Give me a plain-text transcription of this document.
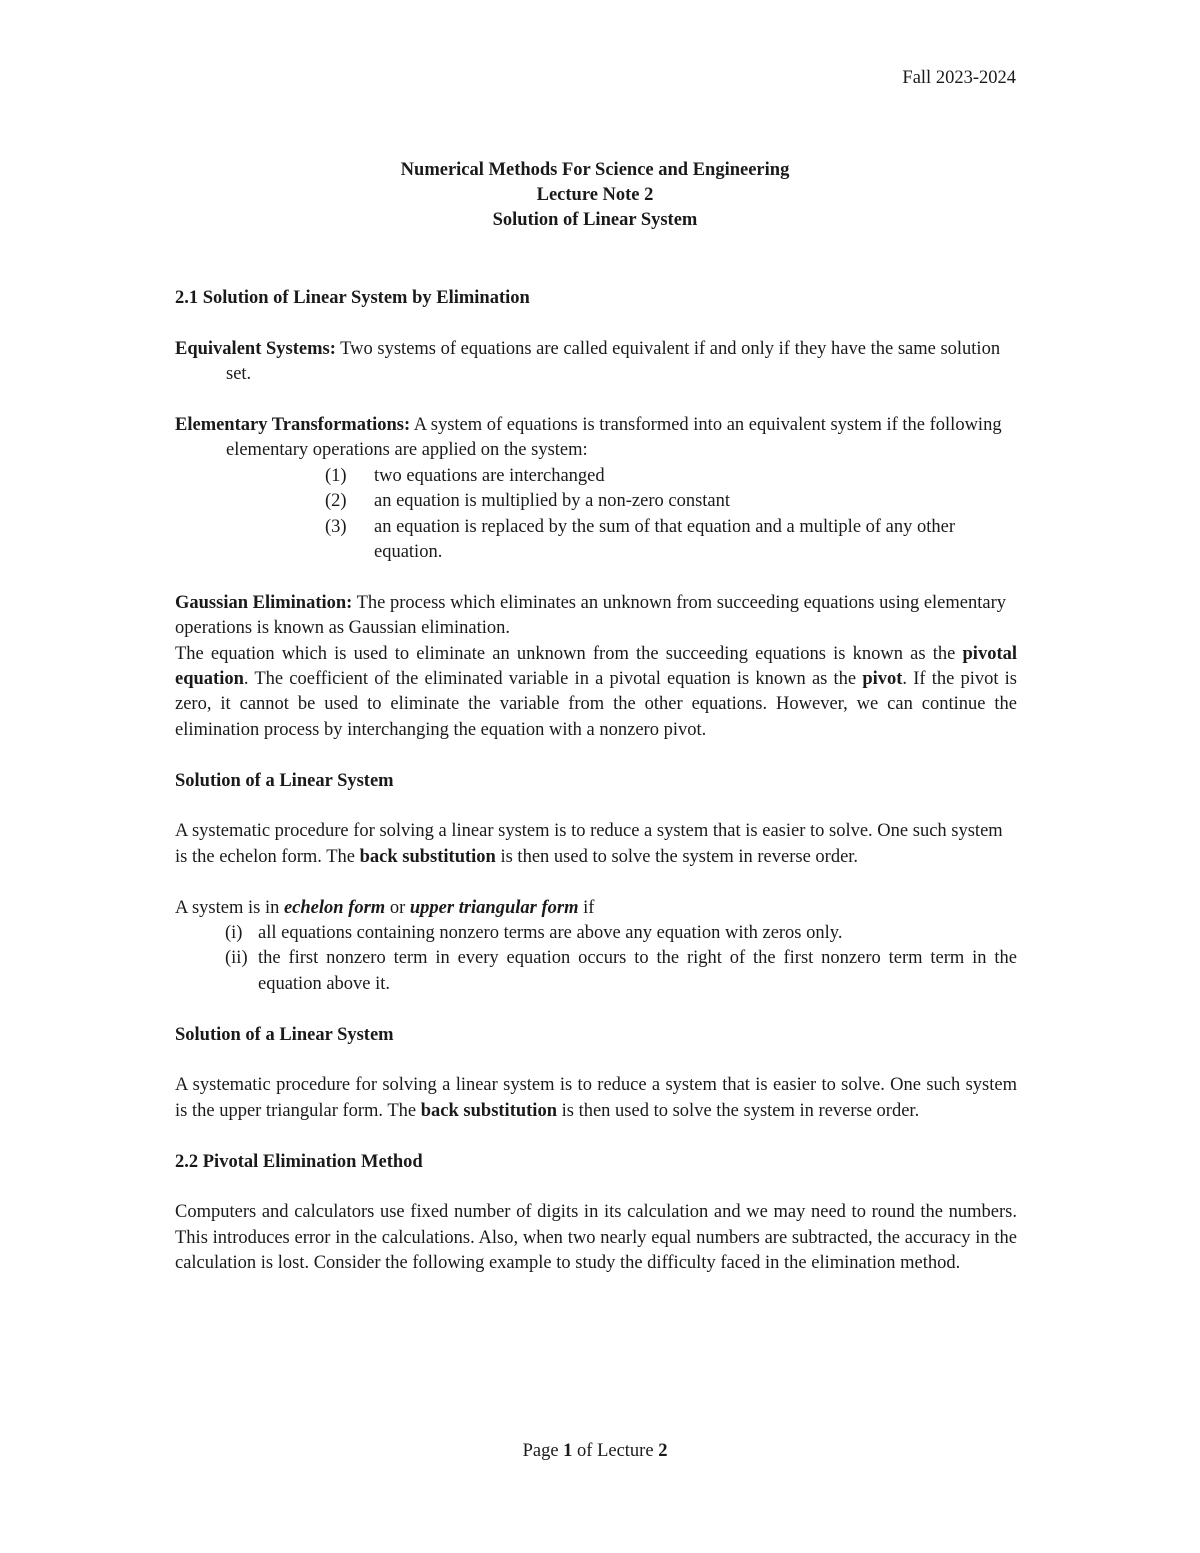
Fall 2023-2024
Numerical Methods For Science and Engineering
Lecture Note 2
Solution of Linear System

2.1 Solution of Linear System by Elimination

Equivalent Systems: Two systems of equations are called equivalent if and only if they have the same solution set.

Elementary Transformations: A system of equations is transformed into an equivalent system if the following elementary operations are applied on the system:

(1) two equations are interchanged
(2) an equation is multiplied by a non-zero constant
(3) an equation is replaced by the sum of that equation and a multiple of any other equation.

Gaussian Elimination: The process which eliminates an unknown from succeeding equations using elementary operations is known as Gaussian elimination.

The equation which is used to eliminate an unknown from the succeeding equations is known as the pivotal equation. The coefficient of the eliminated variable in a pivotal equation is known as the pivot. If the pivot is zero, it cannot be used to eliminate the variable from the other equations. However, we can continue the elimination process by interchanging the equation with a nonzero pivot.

Solution of a Linear System

A systematic procedure for solving a linear system is to reduce a system that is easier to solve. One such system is the echelon form. The back substitution is then used to solve the system in reverse order.

A system is in echelon form or upper triangular form if

(i) all equations containing nonzero terms are above any equation with zeros only.
(ii) the first nonzero term in every equation occurs to the right of the first nonzero term term in the equation above it.

Solution of a Linear System

A systematic procedure for solving a linear system is to reduce a system that is easier to solve. One such system is the upper triangular form. The back substitution is then used to solve the system in reverse order.

2.2 Pivotal Elimination Method

Computers and calculators use fixed number of digits in its calculation and we may need to round the numbers. This introduces error in the calculations. Also, when two nearly equal numbers are subtracted, the accuracy in the calculation is lost. Consider the following example to study the difficulty faced in the elimination method.

Page 1 of Lecture 2
